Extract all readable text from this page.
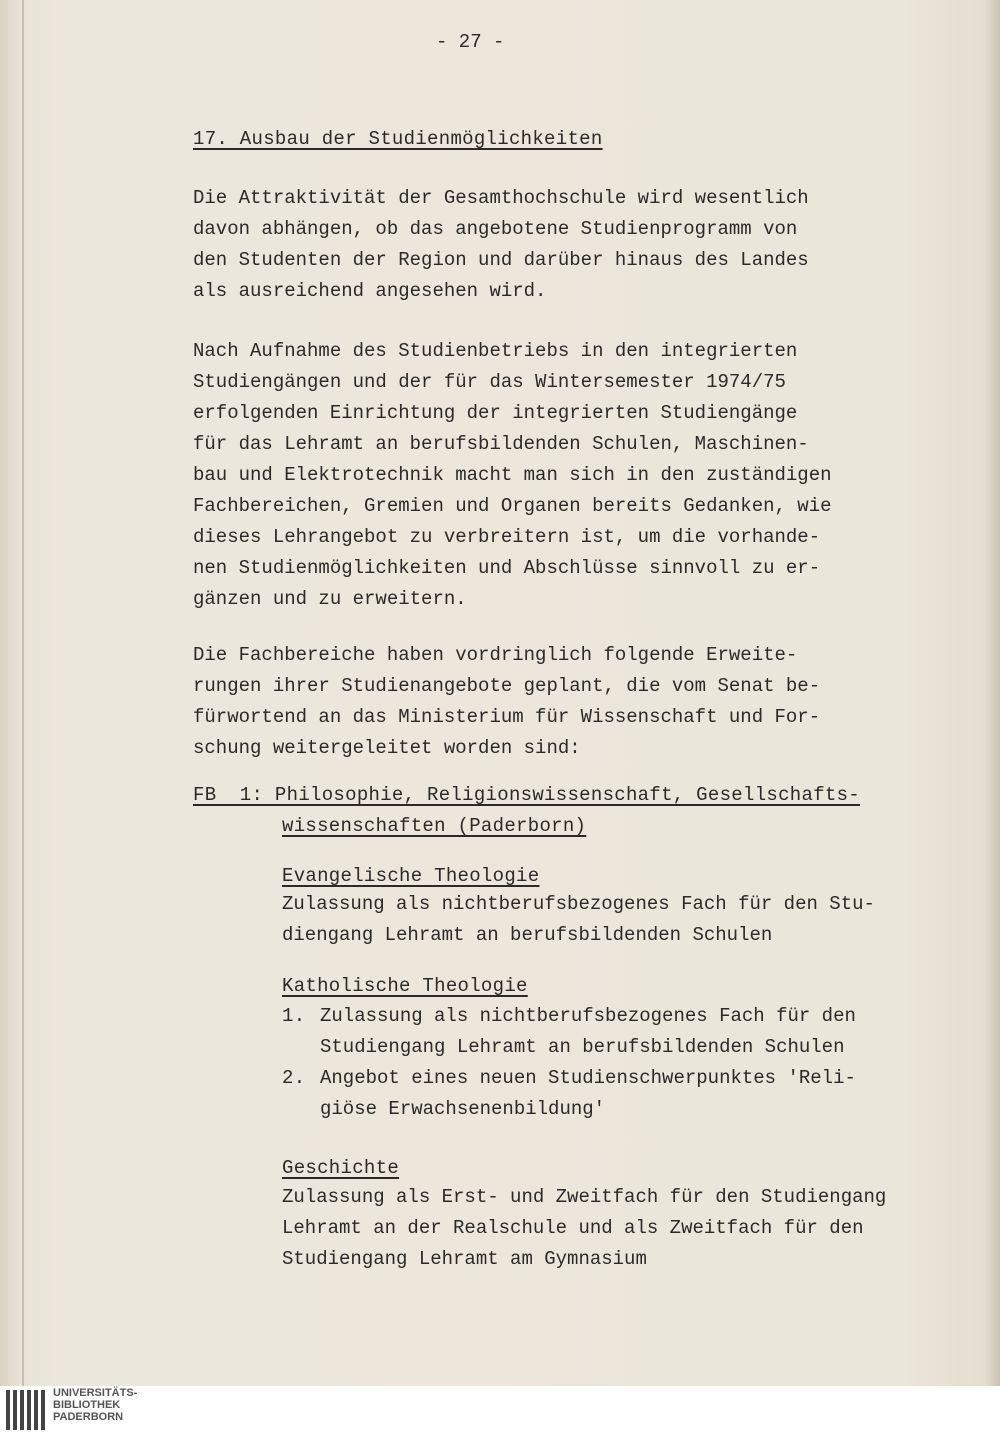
- 27 -
17. Ausbau der Studienmöglichkeiten
Die Attraktivität der Gesamthochschule wird wesentlich
davon abhängen, ob das angebotene Studienprogramm von
den Studenten der Region und darüber hinaus des Landes
als ausreichend angesehen wird.
Nach Aufnahme des Studienbetriebs in den integrierten
Studiengängen und der für das Wintersemester 1974/75
erfolgenden Einrichtung der integrierten Studiengänge
für das Lehramt an berufsbildenden Schulen, Maschinen-
bau und Elektrotechnik macht man sich in den zuständigen
Fachbereichen, Gremien und Organen bereits Gedanken, wie
dieses Lehrangebot zu verbreitern ist, um die vorhande-
nen Studienmöglichkeiten und Abschlüsse sinnvoll zu er-
gänzen und zu erweitern.
Die Fachbereiche haben vordringlich folgende Erweite-
rungen ihrer Studienangebote geplant, die vom Senat be-
fürwortend an das Ministerium für Wissenschaft und For-
schung weitergeleitet worden sind:
FB  1: Philosophie, Religionswissenschaft, Gesellschafts-
wissenschaften (Paderborn)
Evangelische Theologie
Zulassung als nichtberufsbezogenes Fach für den Stu-
diengang Lehramt an berufsbildenden Schulen
Katholische Theologie
1. Zulassung als nichtberufsbezogenes Fach für den
Studiengang Lehramt an berufsbildenden Schulen
2. Angebot eines neuen Studienschwerpunktes 'Reli-
giöse Erwachsenenbildung'
Geschichte
Zulassung als Erst- und Zweitfach für den Studiengang
Lehramt an der Realschule und als Zweitfach für den
Studiengang Lehramt am Gymnasium
UNIVERSITÄTS-
BIBLIOTHEK
PADERBORN
